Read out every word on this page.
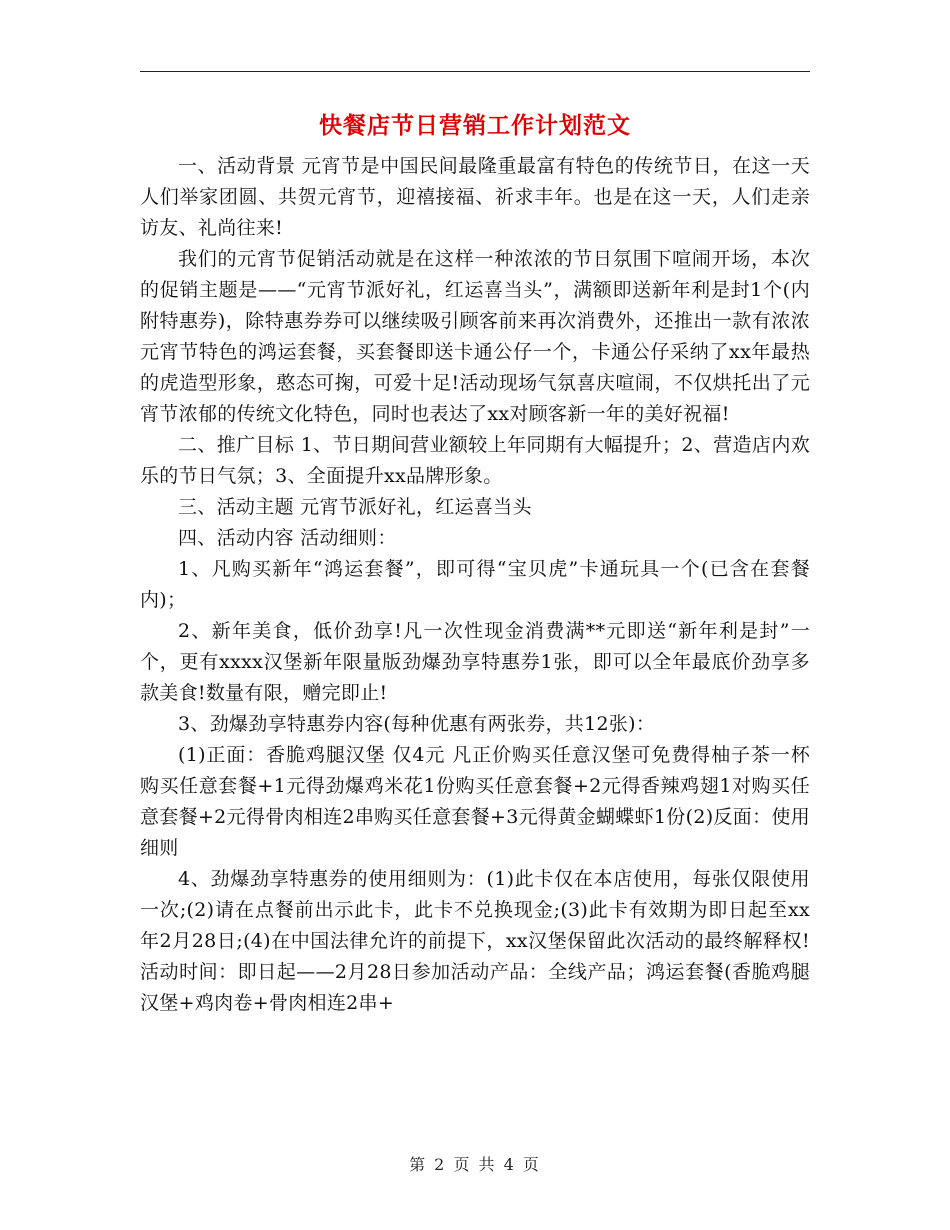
快餐店节日营销工作计划范文

一、活动背景 元宵节是中国民间最隆重最富有特色的传统节日，在这一天人们举家团圆、共贺元宵节，迎禧接福、祈求丰年。也是在这一天，人们走亲访友、礼尚往来!

我们的元宵节促销活动就是在这样一种浓浓的节日氛围下喧闹开场，本次的促销主题是——“元宵节派好礼，红运喜当头”，满额即送新年利是封1个(内附特惠券)，除特惠券券可以继续吸引顾客前来再次消费外，还推出一款有浓浓元宵节特色的鸿运套餐，买套餐即送卡通公仔一个，卡通公仔采纳了xx年最热的虎造型形象，憨态可掬，可爱十足!活动现场气氛喜庆喧闹，不仅烘托出了元宵节浓郁的传统文化特色，同时也表达了xx对顾客新一年的美好祝福!

二、推广目标 1、节日期间营业额较上年同期有大幅提升；2、营造店内欢乐的节日气氛；3、全面提升xx品牌形象。

三、活动主题 元宵节派好礼，红运喜当头

四、活动内容 活动细则：

1、凡购买新年“鸿运套餐”，即可得“宝贝虎”卡通玩具一个(已含在套餐内)；

2、新年美食，低价劲享!凡一次性现金消费满**元即送“新年利是封”一个，更有xxxx汉堡新年限量版劲爆劲享特惠券1张，即可以全年最底价劲享多款美食!数量有限，赠完即止!

3、劲爆劲享特惠券内容(每种优惠有两张券，共12张)：

(1)正面：香脆鸡腿汉堡 仅4元 凡正价购买任意汉堡可免费得柚子茶一杯 购买任意套餐+1元得劲爆鸡米花1份购买任意套餐+2元得香辣鸡翅1对购买任意套餐+2元得骨肉相连2串购买任意套餐+3元得黄金蝴蝶虾1份(2)反面：使用细则

4、劲爆劲享特惠券的使用细则为：(1)此卡仅在本店使用，每张仅限使用一次;(2)请在点餐前出示此卡，此卡不兑换现金;(3)此卡有效期为即日起至xx年2月28日;(4)在中国法律允许的前提下，xx汉堡保留此次活动的最终解释权!活动时间：即日起——2月28日参加活动产品：全线产品；鸿运套餐(香脆鸡腿汉堡+鸡肉卷+骨肉相连2串+

第 2 页 共 4 页
